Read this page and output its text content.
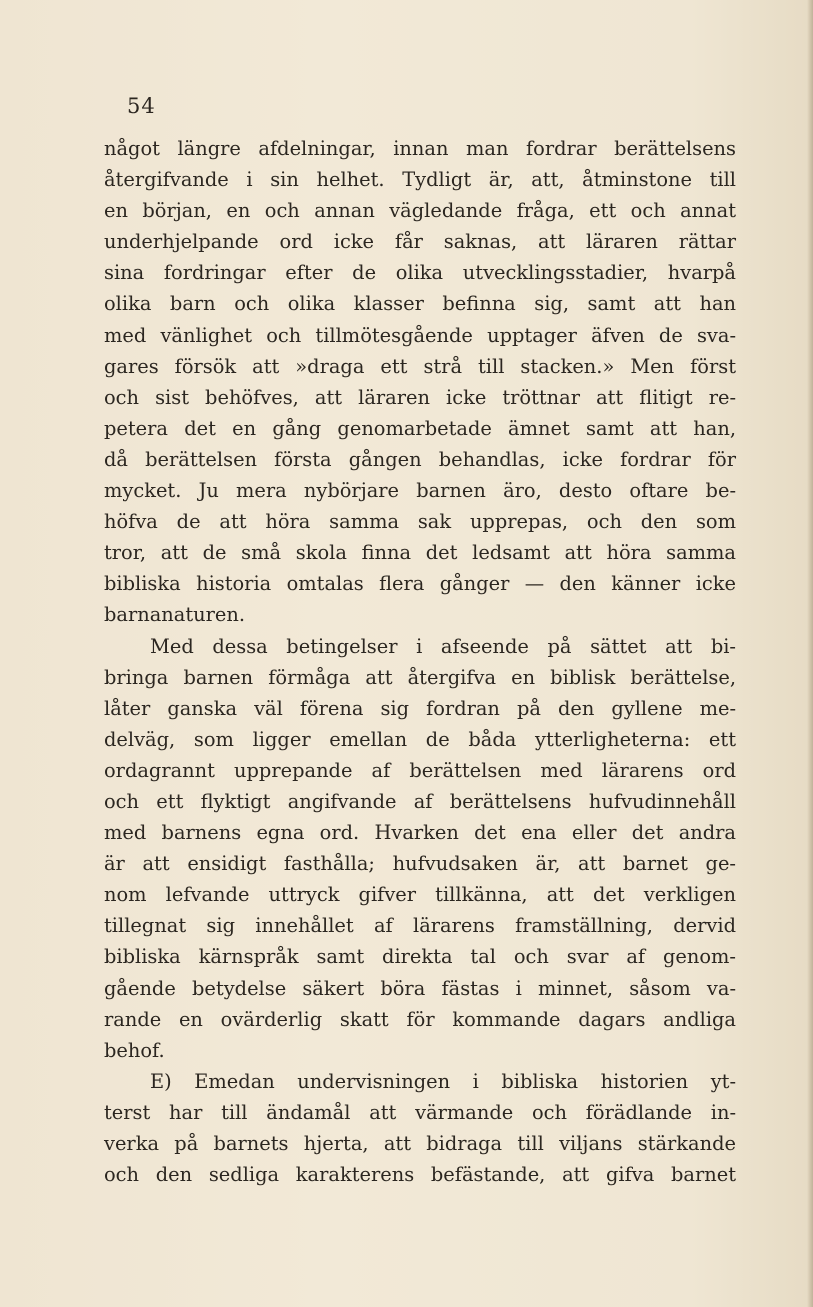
54
något längre afdelningar, innan man fordrar berättelsens
återgifvande i sin helhet. Tydligt är, att, åtminstone till
en början, en och annan vägledande fråga, ett och annat
underhjelpande ord icke får saknas, att läraren rättar
sina fordringar efter de olika utvecklingsstadier, hvarpå
olika barn och olika klasser befinna sig, samt att han
med vänlighet och tillmötesgående upptager äfven de sva-
gares försök att »draga ett strå till stacken.» Men först
och sist behöfves, att läraren icke tröttnar att flitigt re-
petera det en gång genomarbetade ämnet samt att han,
då berättelsen första gången behandlas, icke fordrar för
mycket. Ju mera nybörjare barnen äro, desto oftare be-
höfva de att höra samma sak upprepas, och den som
tror, att de små skola finna det ledsamt att höra samma
bibliska historia omtalas flera gånger — den känner icke
barnanaturen.
Med dessa betingelser i afseende på sättet att bi-
bringa barnen förmåga att återgifva en biblisk berättelse,
låter ganska väl förena sig fordran på den gyllene me-
delväg, som ligger emellan de båda ytterligheterna: ett
ordagrannt upprepande af berättelsen med lärarens ord
och ett flyktigt angifvande af berättelsens hufvudinnehåll
med barnens egna ord. Hvarken det ena eller det andra
är att ensidigt fasthålla; hufvudsaken är, att barnet ge-
nom lefvande uttryck gifver tillkänna, att det verkligen
tillegnat sig innehållet af lärarens framställning, dervid
bibliska kärnspråk samt direkta tal och svar af genom-
gående betydelse säkert böra fästas i minnet, såsom va-
rande en ovärderlig skatt för kommande dagars andliga
behof.
E) Emedan undervisningen i bibliska historien yt-
terst har till ändamål att värmande och förädlande in-
verka på barnets hjerta, att bidraga till viljans stärkande
och den sedliga karakterens befästande, att gifva barnet
